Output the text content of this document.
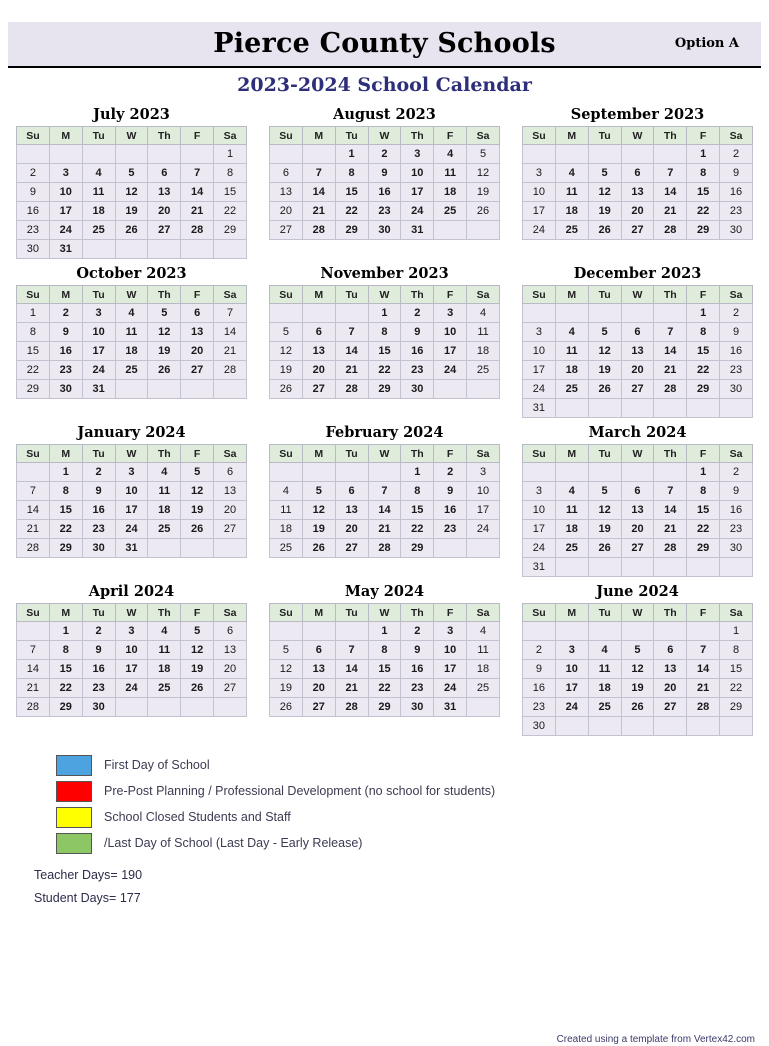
Pierce County Schools	Option A
2023-2024 School Calendar
July 2023
Su	M	Tu	W	Th	F	Sa
						1
2	3	4	5	6	7	8
9	10	11	12	13	14	15
16	17	18	19	20	21	22
23	24	25	26	27	28	29
30	31					
August 2023
Su	M	Tu	W	Th	F	Sa
		1	2	3	4	5
6	7	8	9	10	11	12
13	14	15	16	17	18	19
20	21	22	23	24	25	26
27	28	29	30	31		
September 2023
Su	M	Tu	W	Th	F	Sa
					1	2
3	4	5	6	7	8	9
10	11	12	13	14	15	16
17	18	19	20	21	22	23
24	25	26	27	28	29	30
October 2023
Su	M	Tu	W	Th	F	Sa
1	2	3	4	5	6	7
8	9	10	11	12	13	14
15	16	17	18	19	20	21
22	23	24	25	26	27	28
29	30	31				
November 2023
Su	M	Tu	W	Th	F	Sa
			1	2	3	4
5	6	7	8	9	10	11
12	13	14	15	16	17	18
19	20	21	22	23	24	25
26	27	28	29	30		
December 2023
Su	M	Tu	W	Th	F	Sa
					1	2
3	4	5	6	7	8	9
10	11	12	13	14	15	16
17	18	19	20	21	22	23
24	25	26	27	28	29	30
31						
January 2024
Su	M	Tu	W	Th	F	Sa
	1	2	3	4	5	6
7	8	9	10	11	12	13
14	15	16	17	18	19	20
21	22	23	24	25	26	27
28	29	30	31			
February 2024
Su	M	Tu	W	Th	F	Sa
				1	2	3
4	5	6	7	8	9	10
11	12	13	14	15	16	17
18	19	20	21	22	23	24
25	26	27	28	29		
March 2024
Su	M	Tu	W	Th	F	Sa
					1	2
3	4	5	6	7	8	9
10	11	12	13	14	15	16
17	18	19	20	21	22	23
24	25	26	27	28	29	30
31						
April 2024
Su	M	Tu	W	Th	F	Sa
	1	2	3	4	5	6
7	8	9	10	11	12	13
14	15	16	17	18	19	20
21	22	23	24	25	26	27
28	29	30				
May 2024
Su	M	Tu	W	Th	F	Sa
			1	2	3	4
5	6	7	8	9	10	11
12	13	14	15	16	17	18
19	20	21	22	23	24	25
26	27	28	29	30	31	
June 2024
Su	M	Tu	W	Th	F	Sa
						1
2	3	4	5	6	7	8
9	10	11	12	13	14	15
16	17	18	19	20	21	22
23	24	25	26	27	28	29
30						
First Day of School
Pre-Post Planning / Professional Development (no school for students)
School Closed Students and Staff
/Last Day of School (Last Day - Early Release)
Teacher Days= 190
Student Days= 177
Created using a template from Vertex42.com
